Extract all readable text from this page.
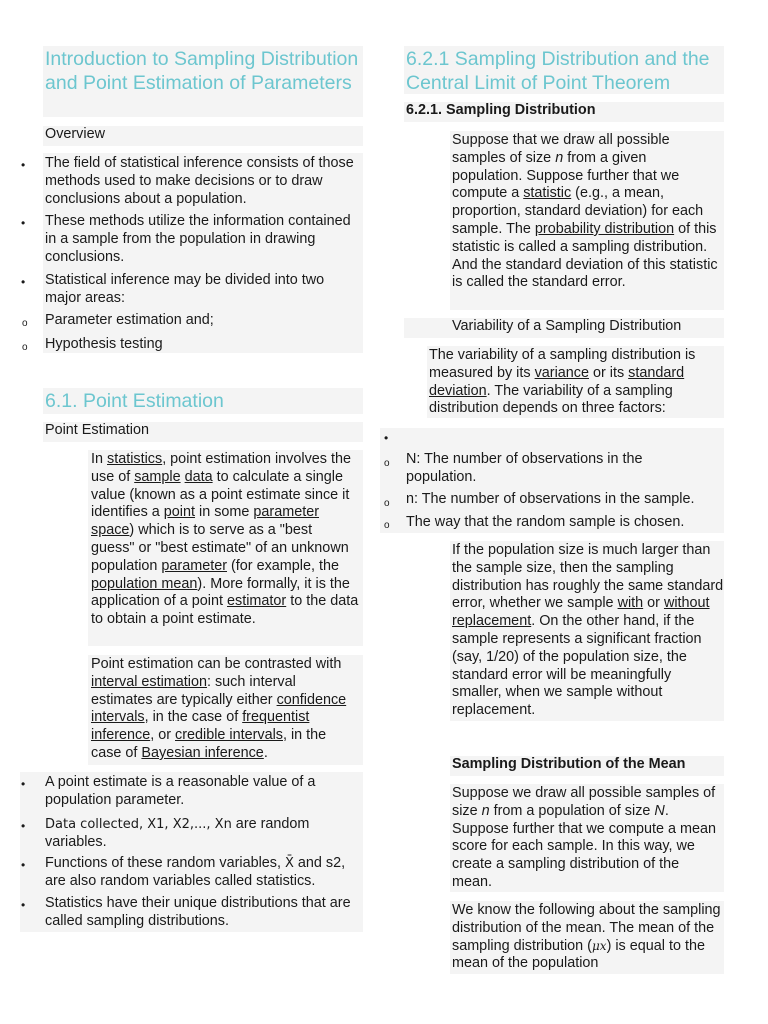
Introduction to Sampling Distribution and Point Estimation of Parameters
Overview
• The field of statistical inference consists of those methods used to make decisions or to draw conclusions about a population.

• These methods utilize the information contained in a sample from the population in drawing conclusions.

• Statistical inference may be divided into two major areas:

o Parameter estimation and;

o Hypothesis testing

6.1. Point Estimation
Point Estimation

In statistics, point estimation involves the use of sample data to calculate a single value (known as a point estimate since it identifies a point in some parameter space) which is to serve as a "best guess" or "best estimate" of an unknown population parameter (for example, the population mean). More formally, it is the application of a point estimator to the data to obtain a point estimate.

Point estimation can be contrasted with interval estimation: such interval estimates are typically either confidence intervals, in the case of frequentist inference, or credible intervals, in the case of Bayesian inference.

• A point estimate is a reasonable value of a population parameter.

• Data collected, X1, X2,..., Xn are random variables.

• Functions of these random variables, X̄ and s2, are also random variables called statistics.

• Statistics have their unique distributions that are called sampling distributions.

6.2.1 Sampling Distribution and the Central Limit of Point Theorem
6.2.1. Sampling Distribution

Suppose that we draw all possible samples of size n from a given population. Suppose further that we compute a statistic (e.g., a mean, proportion, standard deviation) for each sample. The probability distribution of this statistic is called a sampling distribution. And the standard deviation of this statistic is called the standard error.

Variability of a Sampling Distribution

The variability of a sampling distribution is measured by its variance or its standard deviation. The variability of a sampling distribution depends on three factors:

•
o N: The number of observations in the population.

o n: The number of observations in the sample.

o The way that the random sample is chosen.

If the population size is much larger than the sample size, then the sampling distribution has roughly the same standard error, whether we sample with or without replacement. On the other hand, if the sample represents a significant fraction (say, 1/20) of the population size, the standard error will be meaningfully smaller, when we sample without replacement.

Sampling Distribution of the Mean

Suppose we draw all possible samples of size n from a population of size N. Suppose further that we compute a mean score for each sample. In this way, we create a sampling distribution of the mean.

We know the following about the sampling distribution of the mean. The mean of the sampling distribution (μx) is equal to the mean of the population
